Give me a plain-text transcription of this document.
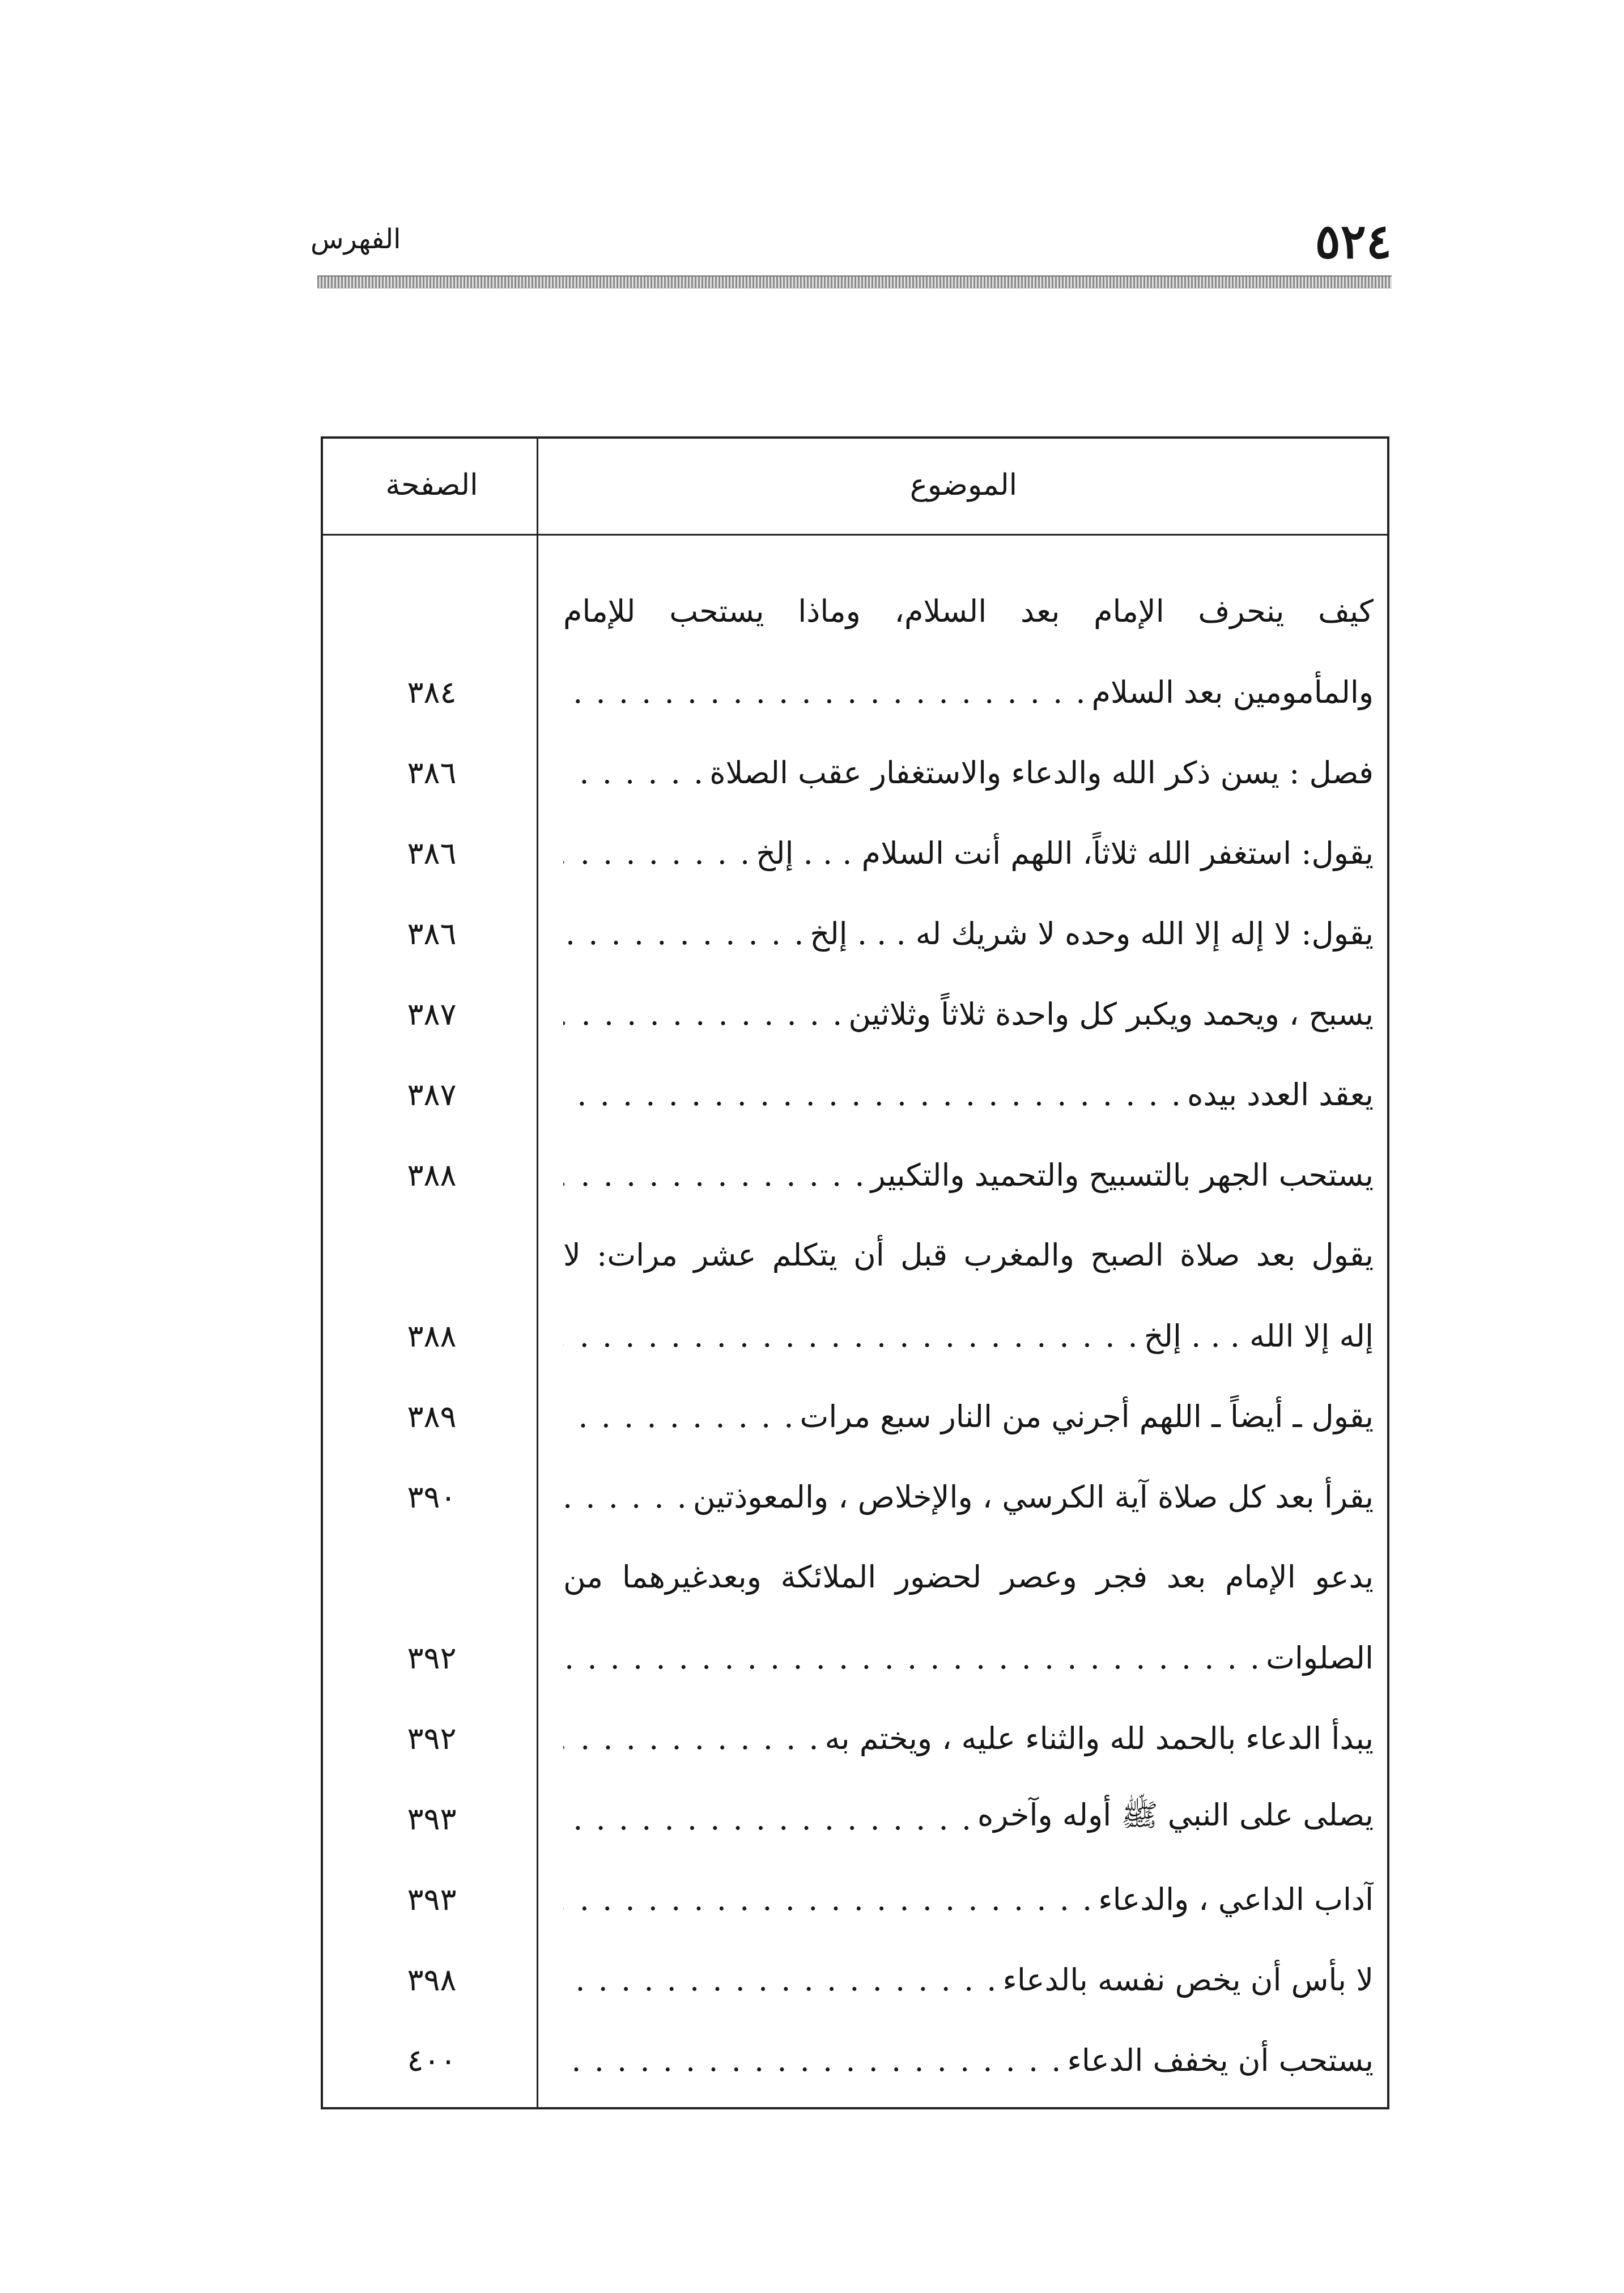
٥٢٤
الفهرس
الموضوع
الصفحة
كيف ينحرف الإمام بعد السلام، وماذا يستحب للإمام
والمأمومين بعد السلام . . .
٣٨٤
فصل : يسن ذكر الله والدعاء والاستغفار عقب الصلاة . . .
٣٨٦
يقول: استغفر الله ثلاثاً، اللهم أنت السلام . . . إلخ . . .
٣٨٦
يقول: لا إله إلا الله وحده لا شريك له . . . إلخ . . .
٣٨٦
يسبح ، ويحمد ويكبر كل واحدة ثلاثاً وثلاثين . . .
٣٨٧
يعقد العدد بيده . . .
٣٨٧
يستحب الجهر بالتسبيح والتحميد والتكبير . . .
٣٨٨
يقول بعد صلاة الصبح والمغرب قبل أن يتكلم عشر مرات: لا
إله إلا الله . . . إلخ . . .
٣٨٨
يقول ـ أيضاً ـ اللهم أجرني من النار سبع مرات . . .
٣٨٩
يقرأ بعد كل صلاة آية الكرسي ، والإخلاص ، والمعوذتين . . .
٣٩٠
يدعو الإمام بعد فجر وعصر لحضور الملائكة وبعدغيرهما من
الصلوات . . .
٣٩٢
يبدأ الدعاء بالحمد لله والثناء عليه ، ويختم به . . .
٣٩٢
يصلى على النبي ﷺ أوله وآخره . . .
٣٩٣
آداب الداعي ، والدعاء . . .
٣٩٣
لا بأس أن يخص نفسه بالدعاء . . .
٣٩٨
يستحب أن يخفف الدعاء . . .
٤٠٠
